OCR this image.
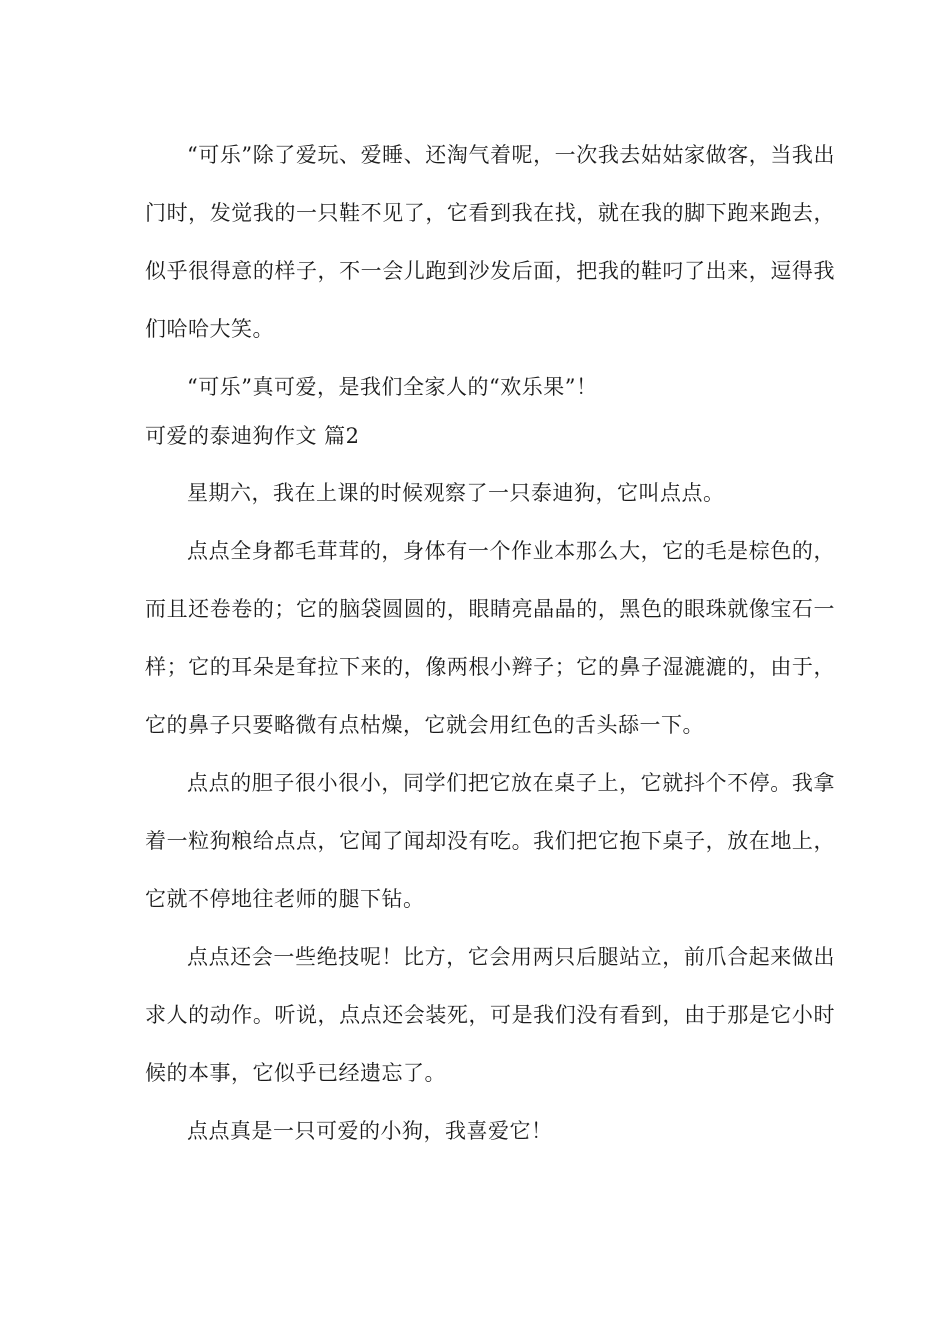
“可乐”除了爱玩、爱睡、还淘气着呢，一次我去姑姑家做客，当我出门时，发觉我的一只鞋不见了，它看到我在找，就在我的脚下跑来跑去，似乎很得意的样子，不一会儿跑到沙发后面，把我的鞋叼了出来，逗得我们哈哈大笑。

“可乐”真可爱，是我们全家人的“欢乐果”！

可爱的泰迪狗作文 篇2

星期六，我在上课的时候观察了一只泰迪狗，它叫点点。

点点全身都毛茸茸的，身体有一个作业本那么大，它的毛是棕色的，而且还卷卷的；它的脑袋圆圆的，眼睛亮晶晶的，黑色的眼珠就像宝石一样；它的耳朵是耷拉下来的，像两根小辫子；它的鼻子湿漉漉的，由于，它的鼻子只要略微有点枯燥，它就会用红色的舌头舔一下。

点点的胆子很小很小，同学们把它放在桌子上，它就抖个不停。我拿着一粒狗粮给点点，它闻了闻却没有吃。我们把它抱下桌子，放在地上，它就不停地往老师的腿下钻。

点点还会一些绝技呢！比方，它会用两只后腿站立，前爪合起来做出求人的动作。听说，点点还会装死，可是我们没有看到，由于那是它小时候的本事，它似乎已经遗忘了。

点点真是一只可爱的小狗，我喜爱它！
